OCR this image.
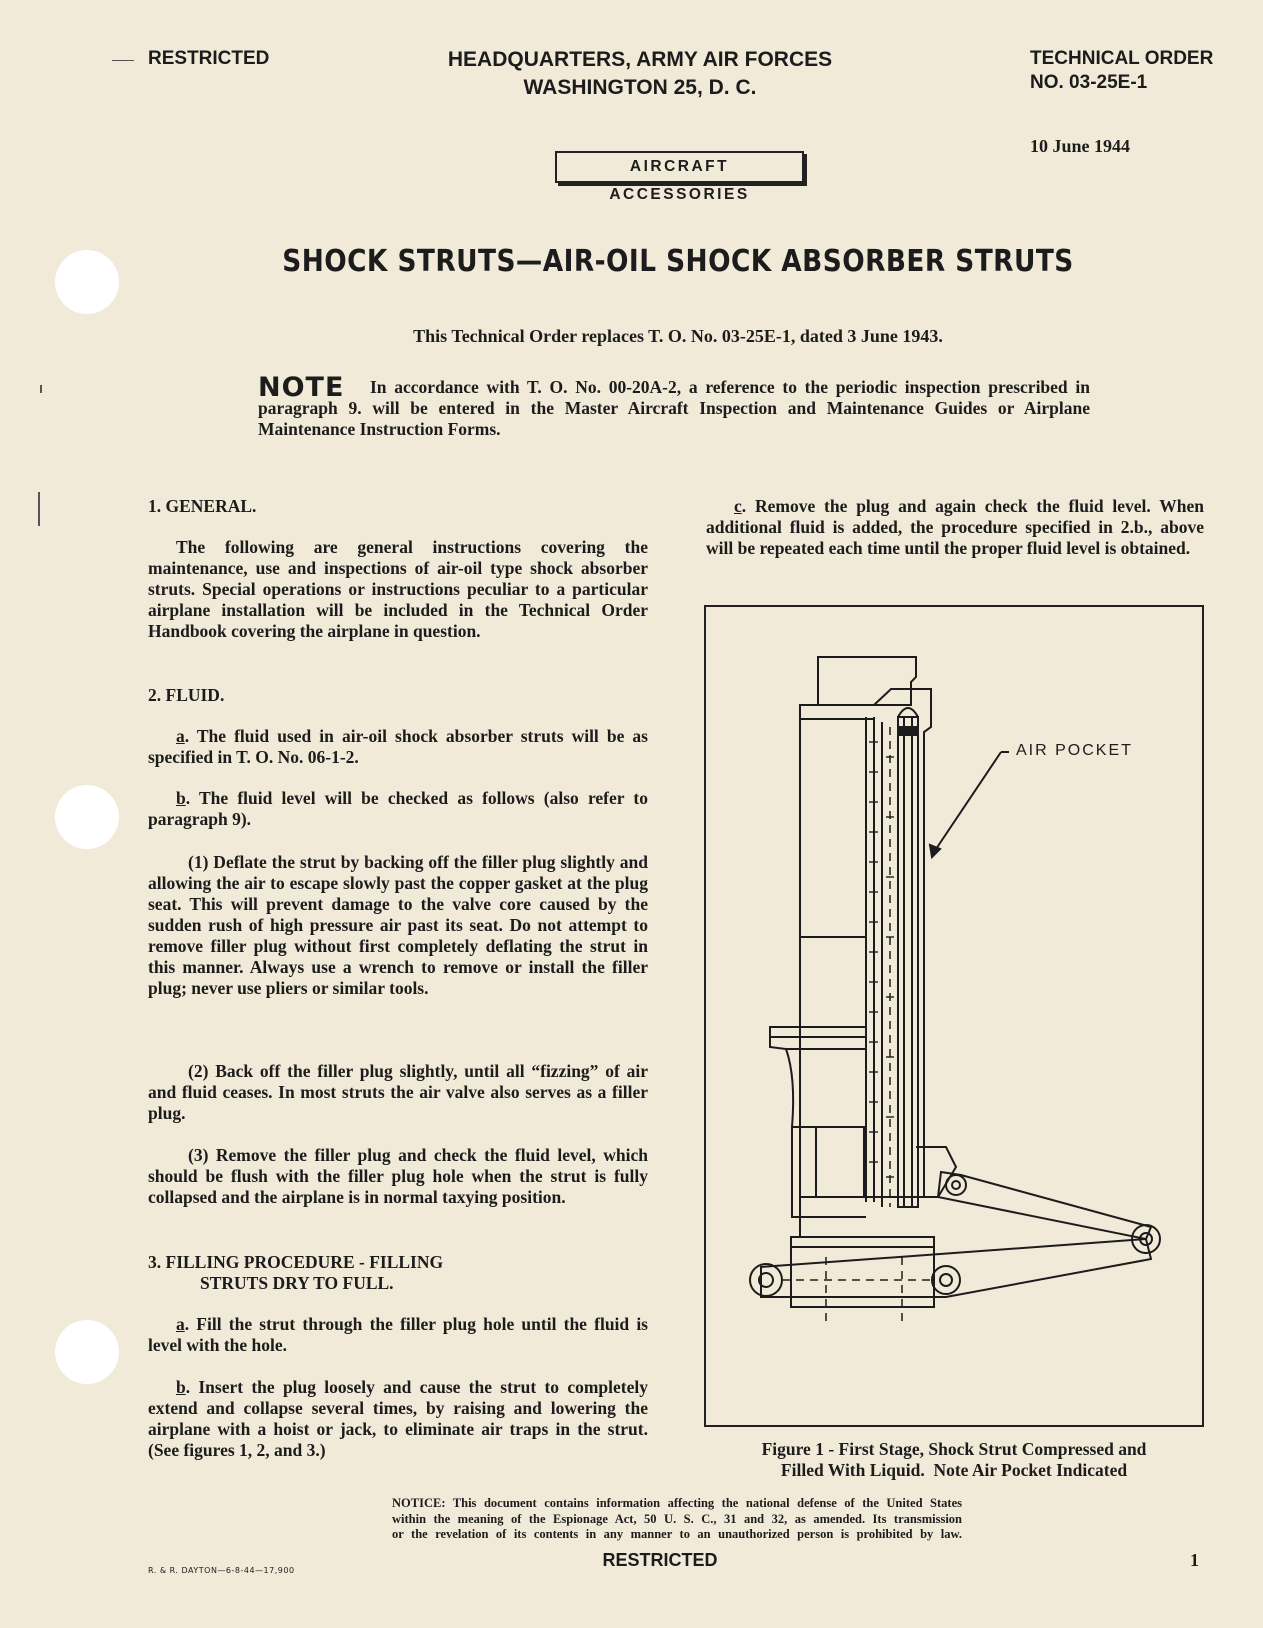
RESTRICTED	HEADQUARTERS, ARMY AIR FORCES
WASHINGTON 25, D. C.
TECHNICAL ORDER
NO. 03-25E-1
10 June 1944
AIRCRAFT ACCESSORIES
SHOCK STRUTS—AIR-OIL SHOCK ABSORBER STRUTS
This Technical Order replaces T. O. No. 03-25E-1, dated 3 June 1943.
NOTE	In accordance with T. O. No. 00-20A-2, a reference to the periodic inspection prescribed in paragraph 9. will be entered in the Master Aircraft Inspection and Maintenance Guides or Airplane Maintenance Instruction Forms.
1. GENERAL.
The following are general instructions covering the maintenance, use and inspections of air-oil type shock absorber struts. Special operations or instructions peculiar to a particular airplane installation will be included in the Technical Order Handbook covering the airplane in question.
2. FLUID.
a. The fluid used in air-oil shock absorber struts will be as specified in T. O. No. 06-1-2.
b. The fluid level will be checked as follows (also refer to paragraph 9).
(1) Deflate the strut by backing off the filler plug slightly and allowing the air to escape slowly past the copper gasket at the plug seat. This will prevent damage to the valve core caused by the sudden rush of high pressure air past its seat. Do not attempt to remove filler plug without first completely deflating the strut in this manner. Always use a wrench to remove or install the filler plug; never use pliers or similar tools.
(2) Back off the filler plug slightly, until all “fizzing” of air and fluid ceases. In most struts the air valve also serves as a filler plug.
(3) Remove the filler plug and check the fluid level, which should be flush with the filler plug hole when the strut is fully collapsed and the airplane is in normal taxying position.
3. FILLING PROCEDURE - FILLING
STRUTS DRY TO FULL.
a. Fill the strut through the filler plug hole until the fluid is level with the hole.
b. Insert the plug loosely and cause the strut to completely extend and collapse several times, by raising and lowering the airplane with a hoist or jack, to eliminate air traps in the strut. (See figures 1, 2, and 3.)
c. Remove the plug and again check the fluid level. When additional fluid is added, the procedure specified in 2.b., above will be repeated each time until the proper fluid level is obtained.
AIR POCKET
Figure 1 - First Stage, Shock Strut Compressed and
Filled With Liquid.  Note Air Pocket Indicated
NOTICE: This document contains information affecting the national defense of the United States
within the meaning of the Espionage Act, 50 U. S. C., 31 and 32, as amended. Its transmission
or the revelation of its contents in any manner to an unauthorized person is prohibited by law.
R. & R. DAYTON—6-8-44—17,900
RESTRICTED	1
